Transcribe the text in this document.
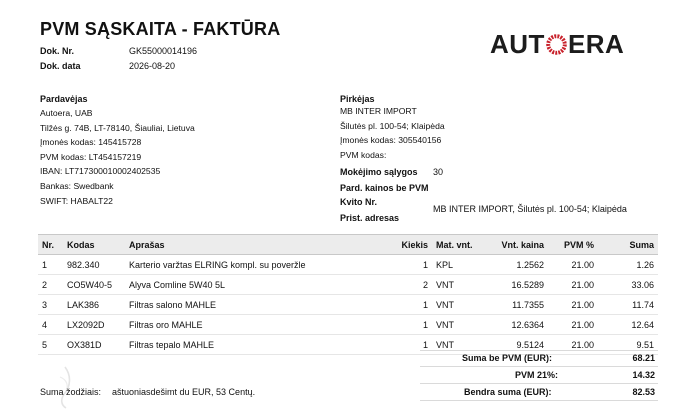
PVM SĄSKAITA - FAKTŪRA
Dok. Nr.	GK55000014196
Dok. data	2026-08-20
AUT ERA
Pardavėjas
Autoera, UAB
Tilžės g. 74B, LT-78140, Šiauliai, Lietuva
Įmonės kodas: 145415728
PVM kodas: LT454157219
IBAN: LT717300010002402535
Bankas: Swedbank
SWIFT: HABALT22
Pirkėjas
MB INTER IMPORT
Šilutės pl. 100-54; Klaipėda
Įmonės kodas: 305540156
PVM kodas:
Mokėjimo sąlygos 30
Pard. kainos be PVM
Kvito Nr.
MB INTER IMPORT, Šilutės pl. 100-54; Klaipėda
Prist. adresas
Nr.	Kodas	Aprašas	Kiekis	Mat. vnt.	Vnt. kaina	PVM %	Suma
1	982.340	Karterio varžtas ELRING kompl. su poveržle	1	KPL	1.2562	21.00	1.26
2	CO5W40-5	Alyva Comline 5W40 5L	2	VNT	16.5289	21.00	33.06
3	LAK386	Filtras salono MAHLE	1	VNT	11.7355	21.00	11.74
4	LX2092D	Filtras oro MAHLE	1	VNT	12.6364	21.00	12.64
5	OX381D	Filtras tepalo MAHLE	1	VNT	9.5124	21.00	9.51
Suma be PVM (EUR):	68.21
PVM 21%:	14.32
Bendra suma (EUR):	82.53
Suma žodžiais: aštuoniasdešimt du EUR, 53 Centų.
